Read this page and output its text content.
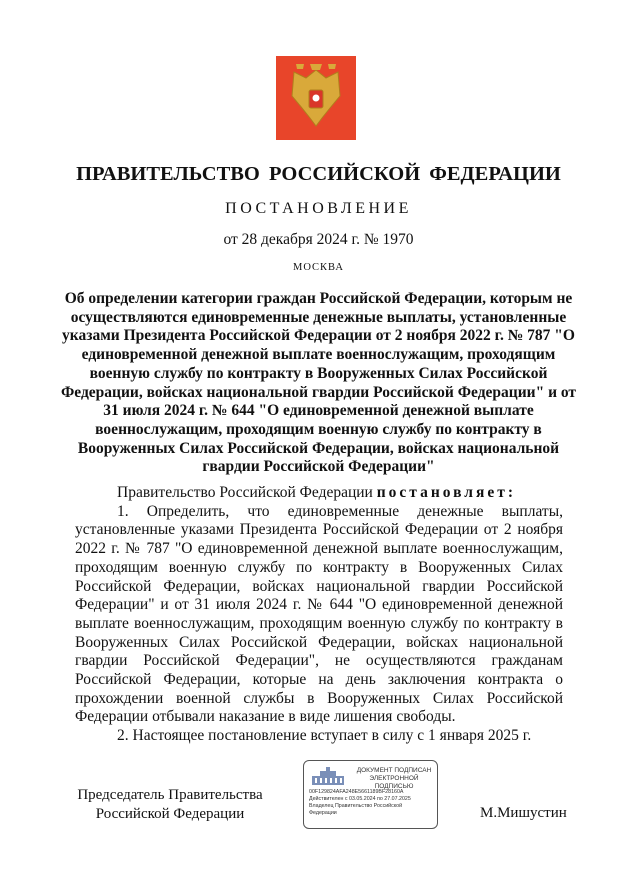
ПРАВИТЕЛЬСТВО РОССИЙСКОЙ ФЕДЕРАЦИИ
ПОСТАНОВЛЕНИЕ
от 28 декабря 2024 г. № 1970
МОСКВА
Об определении категории граждан Российской Федерации, которым не осуществляются единовременные денежные выплаты, установленные указами Президента Российской Федерации от 2 ноября 2022 г. № 787 "О единовременной денежной выплате военнослужащим, проходящим военную службу по контракту в Вооруженных Силах Российской Федерации, войсках национальной гвардии Российской Федерации" и от 31 июля 2024 г. № 644 "О единовременной денежной выплате военнослужащим, проходящим военную службу по контракту в Вооруженных Силах Российской Федерации, войсках национальной гвардии Российской Федерации"

Правительство Российской Федерации постановляет:

1. Определить, что единовременные денежные выплаты, установленные указами Президента Российской Федерации от 2 ноября 2022 г. № 787 "О единовременной денежной выплате военнослужащим, проходящим военную службу по контракту в Вооруженных Силах Российской Федерации, войсках национальной гвардии Российской Федерации" и от 31 июля 2024 г. № 644 "О единовременной денежной выплате военнослужащим, проходящим военную службу по контракту в Вооруженных Силах Российской Федерации, войсках национальной гвардии Российской Федерации", не осуществляются гражданам Российской Федерации, которые на день заключения контракта о прохождении военной службы в Вооруженных Силах Российской Федерации отбывали наказание в виде лишения свободы.

2. Настоящее постановление вступает в силу с 1 января 2025 г.

Председатель Правительства Российской Федерации
ДОКУМЕНТ ПОДПИСАН ЭЛЕКТРОННОЙ ПОДПИСЬЮ
00F129824AFA248E5661189BF28160A
Действителен с 03.05.2024 по 27.07.2025
Владелец Правительство Российской Федерации	М.Мишустин
